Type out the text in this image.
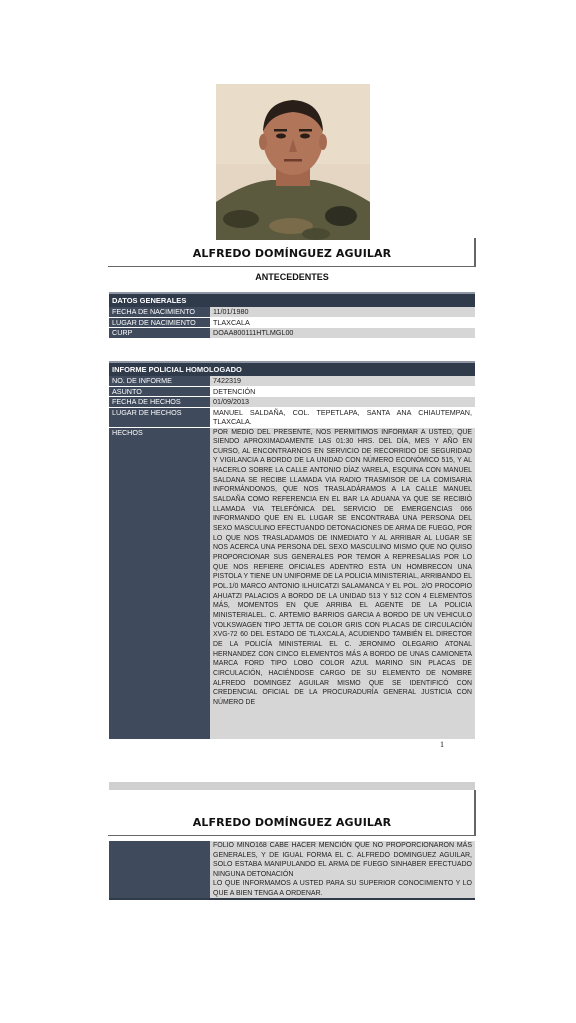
ALFREDO DOMÍNGUEZ AGUILAR
ANTECEDENTES
DATOS GENERALES
FECHA DE NACIMIENTO	11/01/1980
LUGAR DE NACIMIENTO	TLAXCALA
CURP	DOAA800111HTLMGL00
INFORME POLICIAL HOMOLOGADO
NO. DE INFORME	7422319
ASUNTO	DETENCIÓN
FECHA DE HECHOS	01/09/2013
LUGAR DE HECHOS	MANUEL SALDAÑA, COL. TEPETLAPA, SANTA ANA CHIAUTEMPAN, TLAXCALA.
HECHOS	POR MEDIO DEL PRESENTE, NOS PERMITIMOS INFORMAR A USTED, QUE SIENDO APROXIMADAMENTE LAS 01:30 HRS. DEL DÍA, MES Y AÑO EN CURSO, AL ENCONTRARNOS EN SERVICIO DE RECORRIDO DE SEGURIDAD Y VIGILANCIA A BORDO DE LA UNIDAD CON NÚMERO ECONÓMICO 515, Y AL HACERLO SOBRE LA CALLE ANTONIO DÍAZ VARELA, ESQUINA CON MANUEL SALDANA SE RECIBE LLAMADA VIA RADIO TRASMISOR DE LA COMISARIA INFORMÁNDONOS, QUE NOS TRASLADÁRAMOS A LA CALLE MANUEL SALDAÑA COMO REFERENCIA EN EL BAR LA ADUANA YA QUE SE RECIBIÓ LLAMADA VIA TELEFÓNICA DEL SERVICIO DE EMERGENCIAS 066 INFORMANDO QUE EN EL LUGAR SE ENCONTRABA UNA PERSONA DEL SEXO MASCULINO EFECTUANDO DETONACIONES DE ARMA DE FUEGO, POR LO QUE NOS TRASLADAMOS DE INMEDIATO Y AL ARRIBAR AL LUGAR SE NOS ACERCA UNA PERSONA DEL SEXO MASCULINO MISMO QUE NO QUISO PROPORCIONAR SUS GENERALES POR TEMOR A REPRESALIAS POR LO QUE NOS REFIERE OFICIALES ADENTRO ESTA UN HOMBRECON UNA PISTOLA Y TIENE UN UNIFORME DE LA POLICIA MINISTERIAL, ARRIBANDO EL POL.1/0 MARCO ANTONIO ILHUICATZI SALAMANCA Y EL POL. 2/O PROCOPIO AHUATZI PALACIOS A BORDO DE LA UNIDAD 513 Y 512 CON 4 ELEMENTOS MÁS, MOMENTOS EN QUE ARRIBA EL AGENTE DE LA POLICIA MINISTERIALEL. C. ARTEMIO BARRIOS GARCIA A BORDO DE UN VEHICULO VOLKSWAGEN TIPO JETTA DE COLOR GRIS CON PLACAS DE CIRCULACIÓN XVG-72 60 DEL ESTADO DE TLAXCALA, ACUDIENDO TAMBIÉN EL DIRECTOR DE LA POLICÍA MINISTERIAL EL C. JERONIMO OLEGARIO ATONAL HERNANDEZ CON CINCO ELEMENTOS MÁS A BORDO DE UNAS CAMIONETA MARCA FORD TIPO LOBO COLOR AZUL MARINO SIN PLACAS DE CIRCULACIÓN, HACIÉNDOSE CARGO DE SU ELEMENTO DE NOMBRE ALFREDO DOMINGEZ AGUILAR MISMO QUE SE IDENTIFICÓ CON CREDENCIAL OFICIAL DE LA PROCURADURÍA GENERAL JUSTICIA CON NÚMERO DE
1
ALFREDO DOMÍNGUEZ AGUILAR
FOLIO MINO168 CABE HACER MENCIÓN QUE NO PROPORCIONARON MÁS GENERALES, Y DE IGUAL FORMA EL C. ALFREDO DOMINGUEZ AGUILAR, SOLO ESTABA MANIPULANDO EL ARMA DE FUEGO SINHABER EFECTUADO NINGUNA DETONACIÓN
LO QUE INFORMAMOS A USTED PARA SU SUPERIOR CONOCIMIENTO Y LO QUE A BIEN TENGA A ORDENAR.
